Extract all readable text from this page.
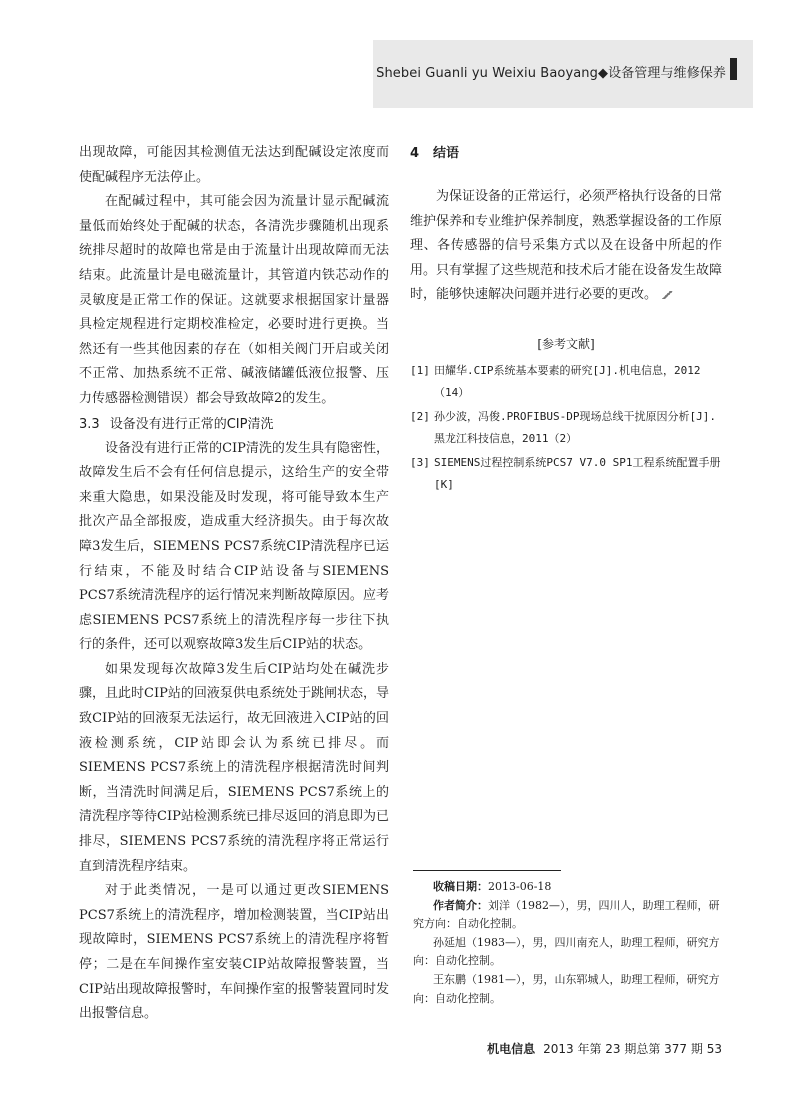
Shebei Guanli yu Weixiu Baoyang◆设备管理与维修保养

出现故障，可能因其检测值无法达到配碱设定浓度而使配碱程序无法停止。

在配碱过程中，其可能会因为流量计显示配碱流量低而始终处于配碱的状态，各清洗步骤随机出现系统排尽超时的故障也常是由于流量计出现故障而无法结束。此流量计是电磁流量计，其管道内铁芯动作的灵敏度是正常工作的保证。这就要求根据国家计量器具检定规程进行定期校准检定，必要时进行更换。当然还有一些其他因素的存在（如相关阀门开启或关闭不正常、加热系统不正常、碱液储罐低液位报警、压力传感器检测错误）都会导致故障2的发生。

3.3 设备没有进行正常的CIP清洗

设备没有进行正常的CIP清洗的发生具有隐密性，故障发生后不会有任何信息提示，这给生产的安全带来重大隐患，如果没能及时发现，将可能导致本生产批次产品全部报废，造成重大经济损失。由于每次故障3发生后，SIEMENS PCS7系统CIP清洗程序已运行结束，不能及时结合CIP站设备与SIEMENS PCS7系统清洗程序的运行情况来判断故障原因。应考虑SIEMENS PCS7系统上的清洗程序每一步往下执行的条件，还可以观察故障3发生后CIP站的状态。

如果发现每次故障3发生后CIP站均处在碱洗步骤，且此时CIP站的回液泵供电系统处于跳闸状态，导致CIP站的回液泵无法运行，故无回液进入CIP站的回液检测系统，CIP站即会认为系统已排尽。而SIEMENS PCS7系统上的清洗程序根据清洗时间判断，当清洗时间满足后，SIEMENS PCS7系统上的清洗程序等待CIP站检测系统已排尽返回的消息即为已排尽，SIEMENS PCS7系统的清洗程序将正常运行直到清洗程序结束。

对于此类情况，一是可以通过更改SIEMENS PCS7系统上的清洗程序，增加检测装置，当CIP站出现故障时，SIEMENS PCS7系统上的清洗程序将暂停；二是在车间操作室安装CIP站故障报警装置，当CIP站出现故障报警时，车间操作室的报警装置同时发出报警信息。

4 结语

为保证设备的正常运行，必须严格执行设备的日常维护保养和专业维护保养制度，熟悉掌握设备的工作原理、各传感器的信号采集方式以及在设备中所起的作用。只有掌握了这些规范和技术后才能在设备发生故障时，能够快速解决问题并进行必要的更改。

[参考文献]
[1] 田耀华.CIP系统基本要素的研究[J].机电信息，2012（14）
[2] 孙少波，冯俊.PROFIBUS-DP现场总线干扰原因分析[J].黑龙江科技信息，2011（2）
[3] SIEMENS过程控制系统PCS7 V7.0 SP1工程系统配置手册[K]

收稿日期：2013-06-18

作者简介：刘洋（1982—），男，四川人，助理工程师，研究方向：自动化控制。

孙延旭（1983—），男，四川南充人，助理工程师，研究方向：自动化控制。

王东鹏（1981—），男，山东郓城人，助理工程师，研究方向：自动化控制。

机电信息 2013 年第 23 期总第 377 期 53
